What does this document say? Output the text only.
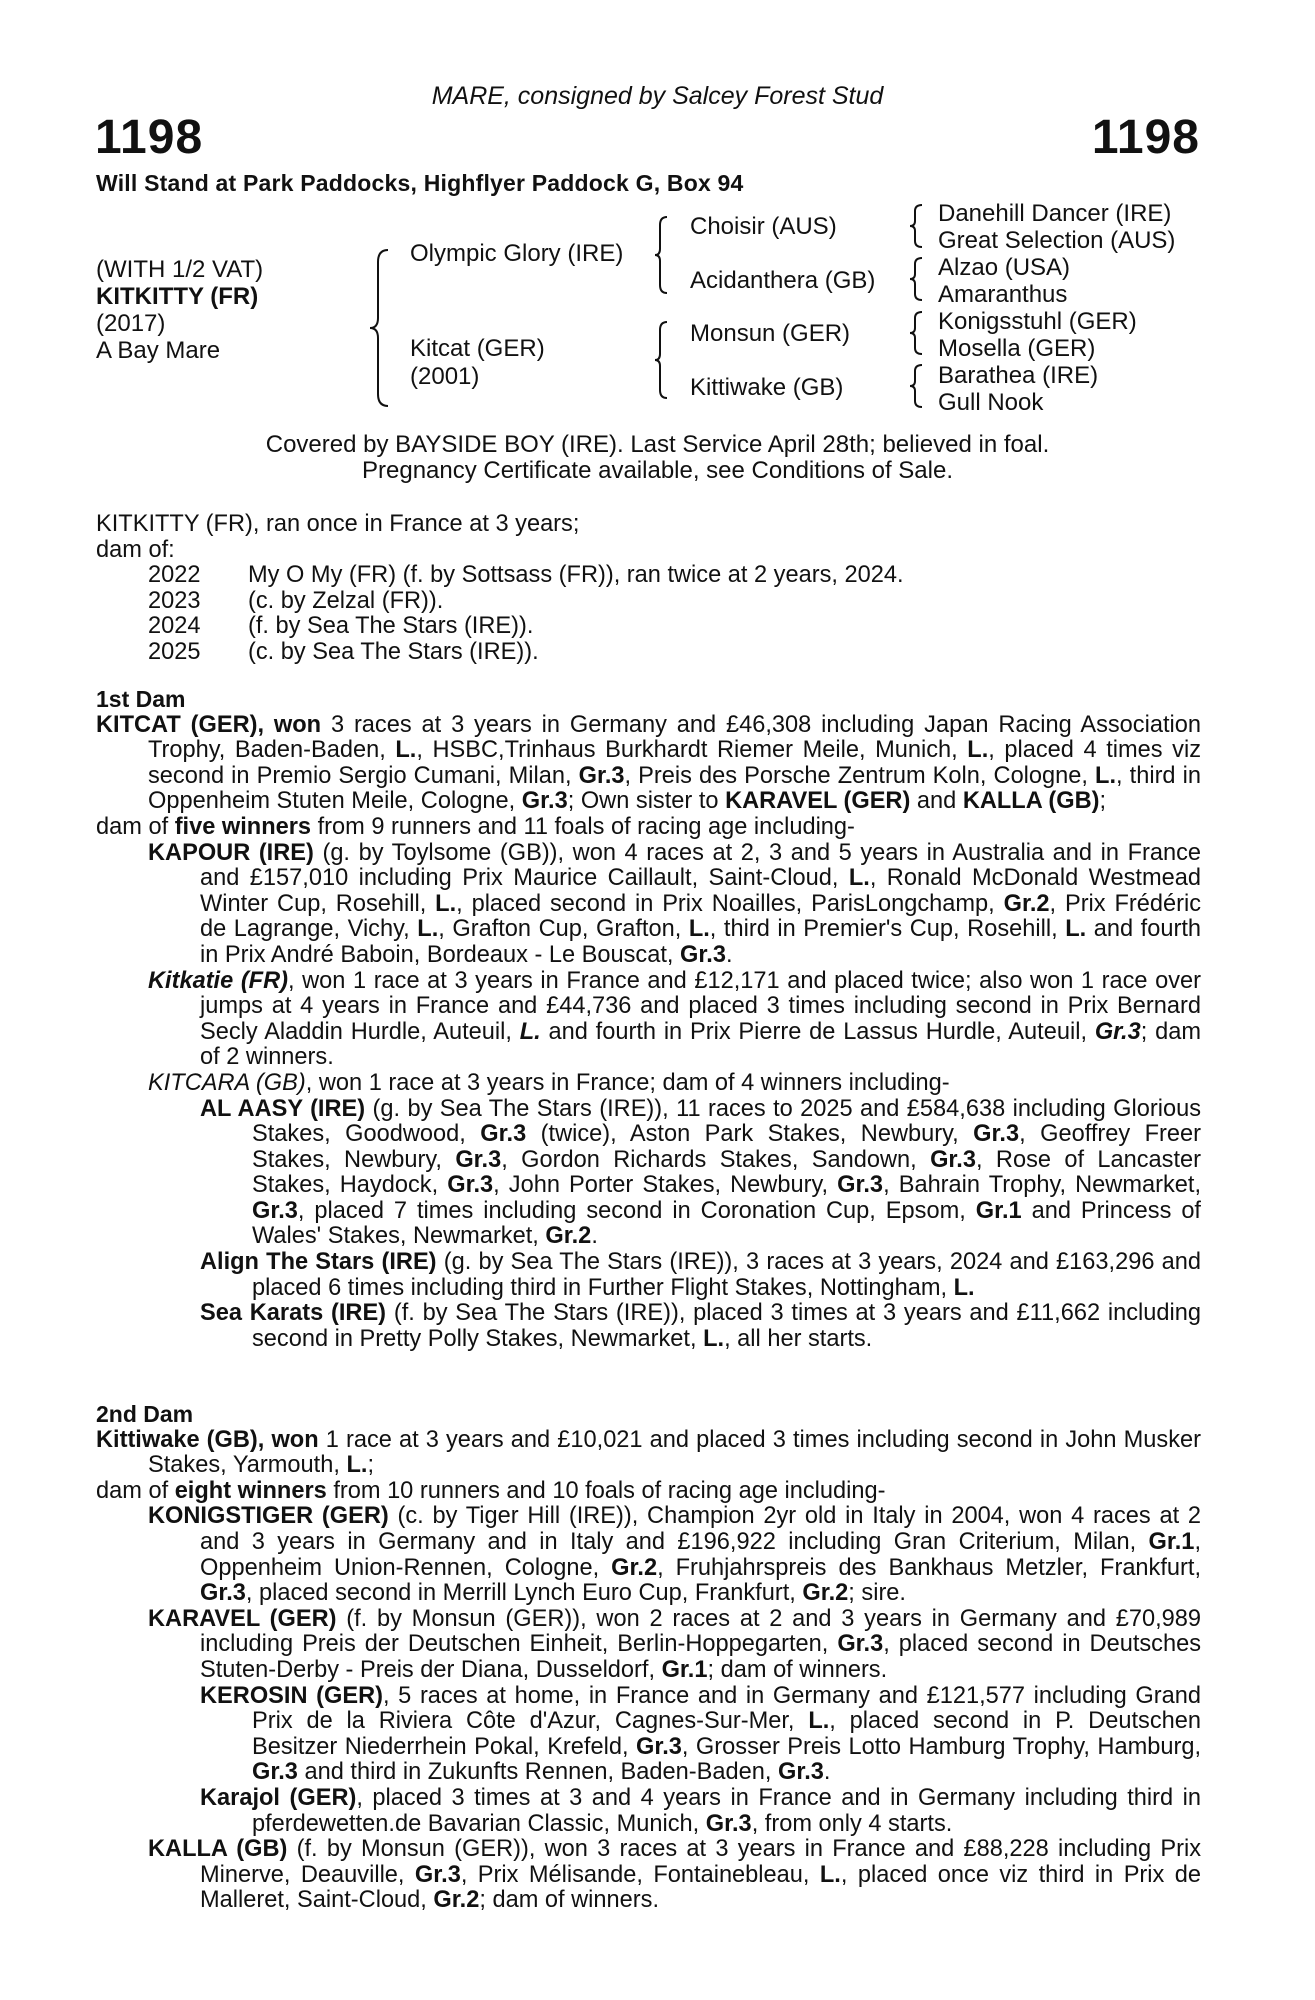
MARE, consigned by Salcey Forest Stud
1198	1198
Will Stand at Park Paddocks, Highflyer Paddock G, Box 94
(WITH 1/2 VAT)
KITKITTY (FR)
(2017)
A Bay Mare
Olympic Glory (IRE)
Kitcat (GER)
(2001)
Choisir (AUS)
Acidanthera (GB)
Monsun (GER)
Kittiwake (GB)
Danehill Dancer (IRE)
Great Selection (AUS)
Alzao (USA)
Amaranthus
Konigsstuhl (GER)
Mosella (GER)
Barathea (IRE)
Gull Nook
Covered by BAYSIDE BOY (IRE). Last Service April 28th; believed in foal.
Pregnancy Certificate available, see Conditions of Sale.
KITKITTY (FR), ran once in France at 3 years;
dam of:
2022	My O My (FR) (f. by Sottsass (FR)), ran twice at 2 years, 2024.
2023	(c. by Zelzal (FR)).
2024	(f. by Sea The Stars (IRE)).
2025	(c. by Sea The Stars (IRE)).
1st Dam
KITCAT (GER), won 3 races at 3 years in Germany and £46,308 including Japan Racing Association Trophy, Baden-Baden, L., HSBC,Trinhaus Burkhardt Riemer Meile, Munich, L., placed 4 times viz second in Premio Sergio Cumani, Milan, Gr.3, Preis des Porsche Zentrum Koln, Cologne, L., third in Oppenheim Stuten Meile, Cologne, Gr.3; Own sister to KARAVEL (GER) and KALLA (GB);
dam of five winners from 9 runners and 11 foals of racing age including-
KAPOUR (IRE) (g. by Toylsome (GB)), won 4 races at 2, 3 and 5 years in Australia and in France and £157,010 including Prix Maurice Caillault, Saint-Cloud, L., Ronald McDonald Westmead Winter Cup, Rosehill, L., placed second in Prix Noailles, ParisLongchamp, Gr.2, Prix Frédéric de Lagrange, Vichy, L., Grafton Cup, Grafton, L., third in Premier's Cup, Rosehill, L. and fourth in Prix André Baboin, Bordeaux - Le Bouscat, Gr.3.
Kitkatie (FR), won 1 race at 3 years in France and £12,171 and placed twice; also won 1 race over jumps at 4 years in France and £44,736 and placed 3 times including second in Prix Bernard Secly Aladdin Hurdle, Auteuil, L. and fourth in Prix Pierre de Lassus Hurdle, Auteuil, Gr.3; dam of 2 winners.
KITCARA (GB), won 1 race at 3 years in France; dam of 4 winners including-
AL AASY (IRE) (g. by Sea The Stars (IRE)), 11 races to 2025 and £584,638 including Glorious Stakes, Goodwood, Gr.3 (twice), Aston Park Stakes, Newbury, Gr.3, Geoffrey Freer Stakes, Newbury, Gr.3, Gordon Richards Stakes, Sandown, Gr.3, Rose of Lancaster Stakes, Haydock, Gr.3, John Porter Stakes, Newbury, Gr.3, Bahrain Trophy, Newmarket, Gr.3, placed 7 times including second in Coronation Cup, Epsom, Gr.1 and Princess of Wales' Stakes, Newmarket, Gr.2.
Align The Stars (IRE) (g. by Sea The Stars (IRE)), 3 races at 3 years, 2024 and £163,296 and placed 6 times including third in Further Flight Stakes, Nottingham, L.
Sea Karats (IRE) (f. by Sea The Stars (IRE)), placed 3 times at 3 years and £11,662 including second in Pretty Polly Stakes, Newmarket, L., all her starts.
2nd Dam
Kittiwake (GB), won 1 race at 3 years and £10,021 and placed 3 times including second in John Musker Stakes, Yarmouth, L.;
dam of eight winners from 10 runners and 10 foals of racing age including-
KONIGSTIGER (GER) (c. by Tiger Hill (IRE)), Champion 2yr old in Italy in 2004, won 4 races at 2 and 3 years in Germany and in Italy and £196,922 including Gran Criterium, Milan, Gr.1, Oppenheim Union-Rennen, Cologne, Gr.2, Fruhjahrspreis des Bankhaus Metzler, Frankfurt, Gr.3, placed second in Merrill Lynch Euro Cup, Frankfurt, Gr.2; sire.
KARAVEL (GER) (f. by Monsun (GER)), won 2 races at 2 and 3 years in Germany and £70,989 including Preis der Deutschen Einheit, Berlin-Hoppegarten, Gr.3, placed second in Deutsches Stuten-Derby - Preis der Diana, Dusseldorf, Gr.1; dam of winners.
KEROSIN (GER), 5 races at home, in France and in Germany and £121,577 including Grand Prix de la Riviera Côte d'Azur, Cagnes-Sur-Mer, L., placed second in P. Deutschen Besitzer Niederrhein Pokal, Krefeld, Gr.3, Grosser Preis Lotto Hamburg Trophy, Hamburg, Gr.3 and third in Zukunfts Rennen, Baden-Baden, Gr.3.
Karajol (GER), placed 3 times at 3 and 4 years in France and in Germany including third in pferdewetten.de Bavarian Classic, Munich, Gr.3, from only 4 starts.
KALLA (GB) (f. by Monsun (GER)), won 3 races at 3 years in France and £88,228 including Prix Minerve, Deauville, Gr.3, Prix Mélisande, Fontainebleau, L., placed once viz third in Prix de Malleret, Saint-Cloud, Gr.2; dam of winners.
